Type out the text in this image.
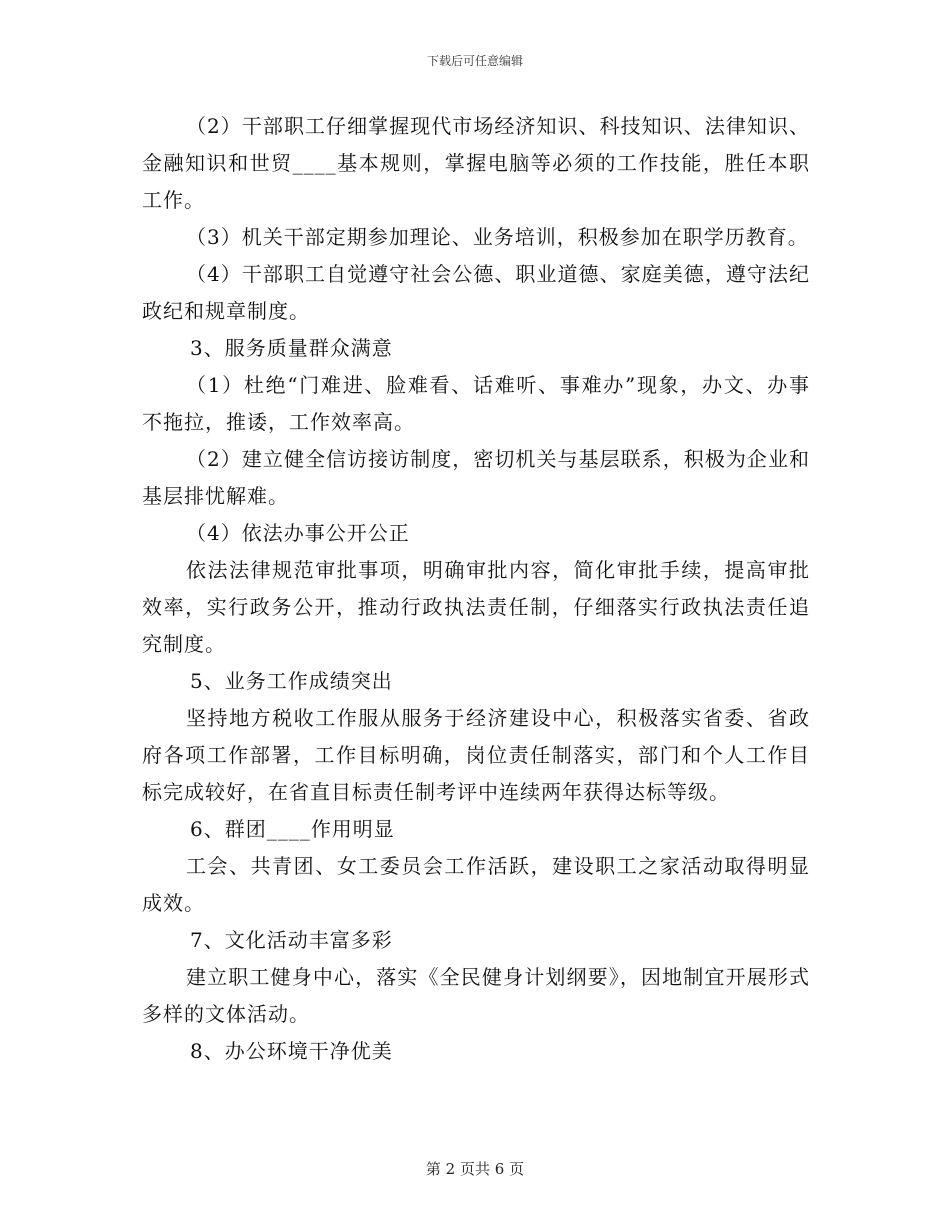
下载后可任意编辑

（2）干部职工仔细掌握现代市场经济知识、科技知识、法律知识、金融知识和世贸____基本规则，掌握电脑等必须的工作技能，胜任本职工作。

（3）机关干部定期参加理论、业务培训，积极参加在职学历教育。

（4）干部职工自觉遵守社会公德、职业道德、家庭美德，遵守法纪政纪和规章制度。

3、服务质量群众满意

（1）杜绝“门难进、脸难看、话难听、事难办”现象，办文、办事不拖拉，推诿，工作效率高。

（2）建立健全信访接访制度，密切机关与基层联系，积极为企业和基层排忧解难。

（4）依法办事公开公正

依法法律规范审批事项，明确审批内容，简化审批手续，提高审批效率，实行政务公开，推动行政执法责任制，仔细落实行政执法责任追究制度。

5、业务工作成绩突出

坚持地方税收工作服从服务于经济建设中心，积极落实省委、省政府各项工作部署，工作目标明确，岗位责任制落实，部门和个人工作目标完成较好，在省直目标责任制考评中连续两年获得达标等级。

6、群团____作用明显

工会、共青团、女工委员会工作活跃，建设职工之家活动取得明显成效。

7、文化活动丰富多彩

建立职工健身中心，落实《全民健身计划纲要》，因地制宜开展形式多样的文体活动。

8、办公环境干净优美

第 2 页共 6 页
